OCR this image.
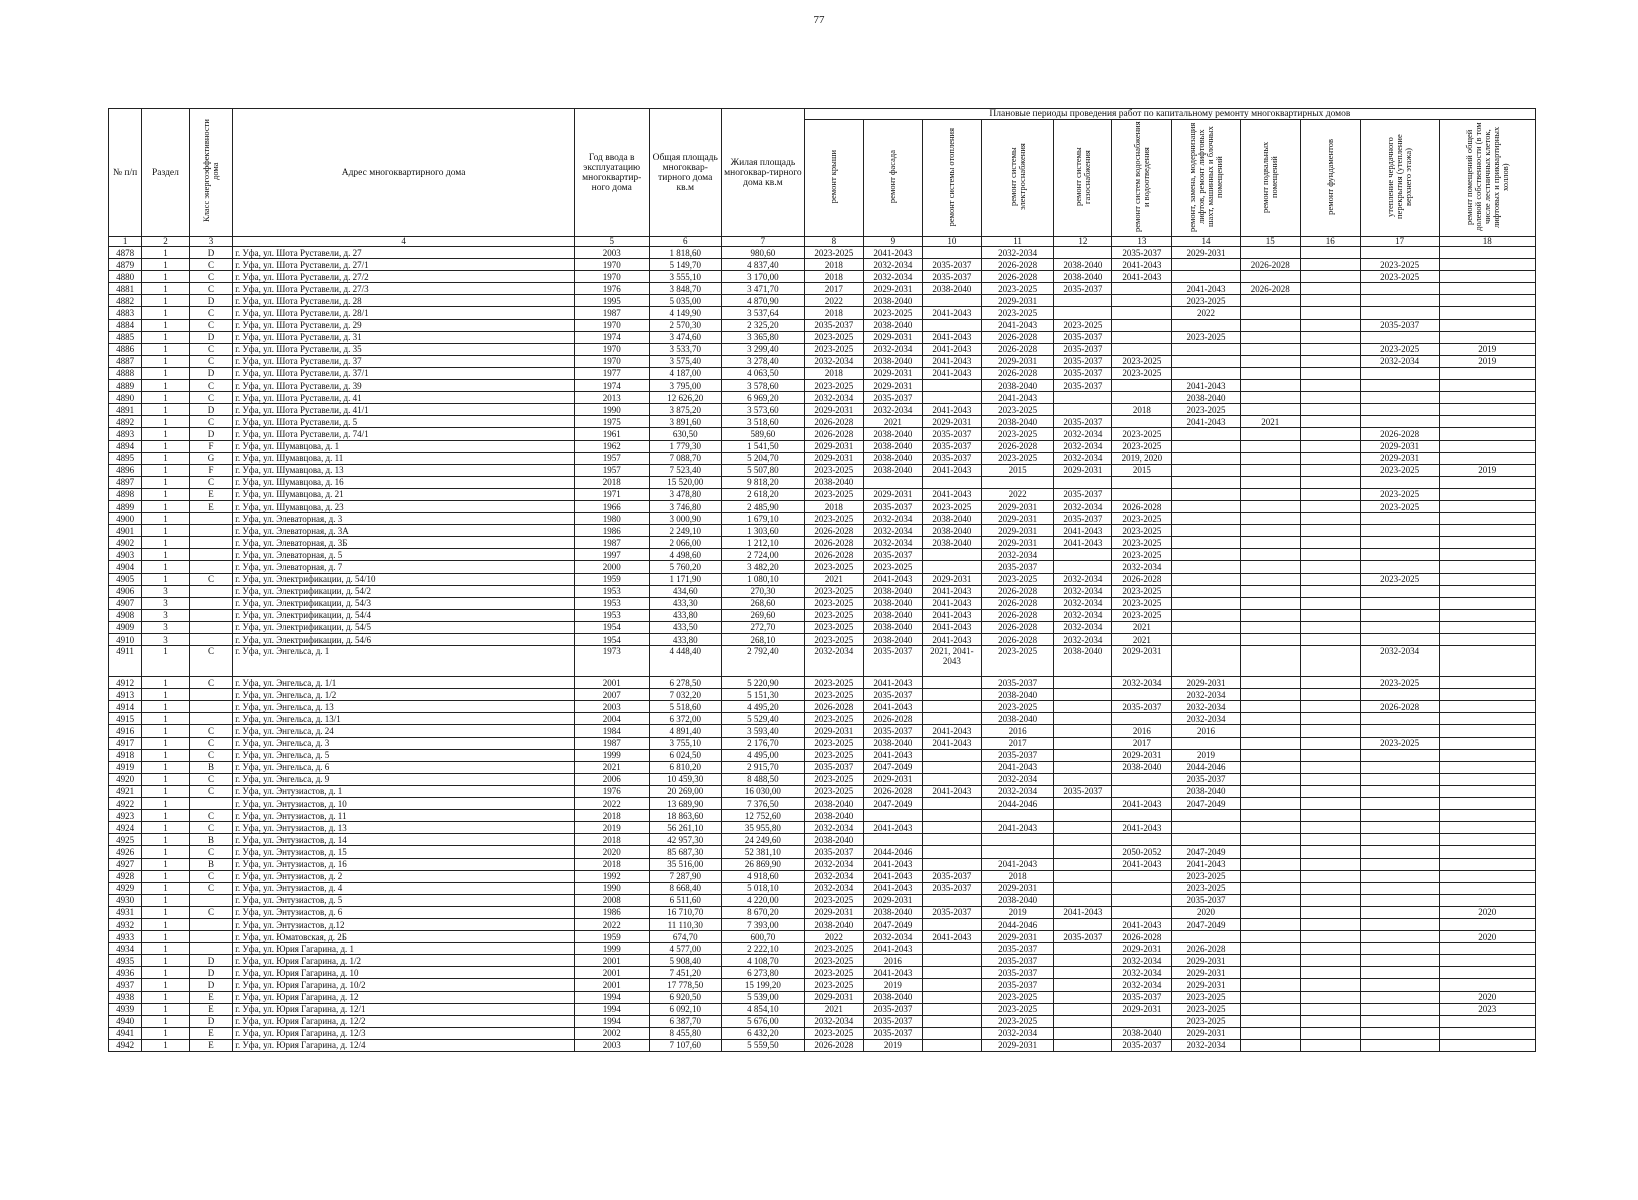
77
№ п/п	Раздел	Класс энергоэффективности дома	Адрес многоквартирного дома	Год ввода в эксплуатацию многоквартир-ного дома	Общая площадь многоквар-тирного дома кв.м	Жилая площадь многоквар-тирного дома кв.м	Плановые периоды проведения работ по капитальному ремонту многоквартирных домов										
							ремонт крыши	ремонт фасада	ремонт системы отопления	ремонт системы электроснабжения	ремонт системы газоснабжения	ремонт систем водоснабжения и водоотведения	ремонт, замена, модернизация лифтов, ремонт лифтовых шахт, машинных и блочных помещений	ремонт подвальных помещений	ремонт фундаментов	утепление чердачного перекрытия (утепление верхнего этажа)	ремонт помещений общей долевой собственности (в том числе лестничных клеток, лифтовых и приквартирных холлов)
1	2	3	4	5	6	7	8	9	10	11	12	13	14	15	16	17	18
4878	1	D	г. Уфа, ул. Шота Руставели, д. 27	2003	1 818,60	980,60	2023-2025	2041-2043		2032-2034		2035-2037	2029-2031				
4879	1	C	г. Уфа, ул. Шота Руставели, д. 27/1	1970	5 149,70	4 837,40	2018	2032-2034	2035-2037	2026-2028	2038-2040	2041-2043		2026-2028		2023-2025	
4880	1	C	г. Уфа, ул. Шота Руставели, д. 27/2	1970	3 555,10	3 170,00	2018	2032-2034	2035-2037	2026-2028	2038-2040	2041-2043				2023-2025	
4881	1	C	г. Уфа, ул. Шота Руставели, д. 27/3	1976	3 848,70	3 471,70	2017	2029-2031	2038-2040	2023-2025	2035-2037		2041-2043	2026-2028			
4882	1	D	г. Уфа, ул. Шота Руставели, д. 28	1995	5 035,00	4 870,90	2022	2038-2040		2029-2031			2023-2025				
4883	1	C	г. Уфа, ул. Шота Руставели, д. 28/1	1987	4 149,90	3 537,64	2018	2023-2025	2041-2043	2023-2025			2022				
4884	1	C	г. Уфа, ул. Шота Руставели, д. 29	1970	2 570,30	2 325,20	2035-2037	2038-2040		2041-2043	2023-2025					2035-2037	
4885	1	D	г. Уфа, ул. Шота Руставели, д. 31	1974	3 474,60	3 365,80	2023-2025	2029-2031	2041-2043	2026-2028	2035-2037		2023-2025				
4886	1	C	г. Уфа, ул. Шота Руставели, д. 35	1970	3 533,70	3 299,40	2023-2025	2032-2034	2041-2043	2026-2028	2035-2037					2023-2025	2019
4887	1	C	г. Уфа, ул. Шота Руставели, д. 37	1970	3 575,40	3 278,40	2032-2034	2038-2040	2041-2043	2029-2031	2035-2037	2023-2025				2032-2034	2019
4888	1	D	г. Уфа, ул. Шота Руставели, д. 37/1	1977	4 187,00	4 063,50	2018	2029-2031	2041-2043	2026-2028	2035-2037	2023-2025					
4889	1	C	г. Уфа, ул. Шота Руставели, д. 39	1974	3 795,00	3 578,60	2023-2025	2029-2031		2038-2040	2035-2037		2041-2043				
4890	1	C	г. Уфа, ул. Шота Руставели, д. 41	2013	12 626,20	6 969,20	2032-2034	2035-2037		2041-2043			2038-2040				
4891	1	D	г. Уфа, ул. Шота Руставели, д. 41/1	1990	3 875,20	3 573,60	2029-2031	2032-2034	2041-2043	2023-2025		2018	2023-2025				
4892	1	C	г. Уфа, ул. Шота Руставели, д. 5	1975	3 891,60	3 518,60	2026-2028	2021	2029-2031	2038-2040	2035-2037		2041-2043	2021			
4893	1	D	г. Уфа, ул. Шота Руставели, д. 74/1	1961	630,50	589,60	2026-2028	2038-2040	2035-2037	2023-2025	2032-2034	2023-2025				2026-2028	
4894	1	F	г. Уфа, ул. Шумавцова, д. 1	1962	1 779,30	1 541,50	2029-2031	2038-2040	2035-2037	2026-2028	2032-2034	2023-2025				2029-2031	
4895	1	G	г. Уфа, ул. Шумавцова, д. 11	1957	7 088,70	5 204,70	2029-2031	2038-2040	2035-2037	2023-2025	2032-2034	2019, 2020				2029-2031	
4896	1	F	г. Уфа, ул. Шумавцова, д. 13	1957	7 523,40	5 507,80	2023-2025	2038-2040	2041-2043	2015	2029-2031	2015				2023-2025	2019
4897	1	C	г. Уфа, ул. Шумавцова, д. 16	2018	15 520,00	9 818,20	2038-2040										
4898	1	E	г. Уфа, ул. Шумавцова, д. 21	1971	3 478,80	2 618,20	2023-2025	2029-2031	2041-2043	2022	2035-2037					2023-2025	
4899	1	E	г. Уфа, ул. Шумавцова, д. 23	1966	3 746,80	2 485,90	2018	2035-2037	2023-2025	2029-2031	2032-2034	2026-2028				2023-2025	
4900	1		г. Уфа, ул. Элеваторная, д. 3	1980	3 000,90	1 679,10	2023-2025	2032-2034	2038-2040	2029-2031	2035-2037	2023-2025					
4901	1		г. Уфа, ул. Элеваторная, д. 3А	1986	2 249,10	1 303,60	2026-2028	2032-2034	2038-2040	2029-2031	2041-2043	2023-2025					
4902	1		г. Уфа, ул. Элеваторная, д. 3Б	1987	2 066,00	1 212,10	2026-2028	2032-2034	2038-2040	2029-2031	2041-2043	2023-2025					
4903	1		г. Уфа, ул. Элеваторная, д. 5	1997	4 498,60	2 724,00	2026-2028	2035-2037		2032-2034		2023-2025					
4904	1		г. Уфа, ул. Элеваторная, д. 7	2000	5 760,20	3 482,20	2023-2025	2023-2025		2035-2037		2032-2034					
4905	1	C	г. Уфа, ул. Электрификации, д. 54/10	1959	1 171,90	1 080,10	2021	2041-2043	2029-2031	2023-2025	2032-2034	2026-2028				2023-2025	
4906	3		г. Уфа, ул. Электрификации, д. 54/2	1953	434,60	270,30	2023-2025	2038-2040	2041-2043	2026-2028	2032-2034	2023-2025					
4907	3		г. Уфа, ул. Электрификации, д. 54/3	1953	433,30	268,60	2023-2025	2038-2040	2041-2043	2026-2028	2032-2034	2023-2025					
4908	3		г. Уфа, ул. Электрификации, д. 54/4	1953	433,80	269,60	2023-2025	2038-2040	2041-2043	2026-2028	2032-2034	2023-2025					
4909	3		г. Уфа, ул. Электрификации, д. 54/5	1954	433,50	272,70	2023-2025	2038-2040	2041-2043	2026-2028	2032-2034	2021					
4910	3		г. Уфа, ул. Электрификации, д. 54/6	1954	433,80	268,10	2023-2025	2038-2040	2041-2043	2026-2028	2032-2034	2021					
4911	1	C	г. Уфа, ул. Энгельса, д. 1	1973	4 448,40	2 792,40	2032-2034	2035-2037	2021, 2041-2043	2023-2025	2038-2040	2029-2031				2032-2034	
4912	1	C	г. Уфа, ул. Энгельса, д. 1/1	2001	6 278,50	5 220,90	2023-2025	2041-2043		2035-2037		2032-2034	2029-2031			2023-2025	
4913	1		г. Уфа, ул. Энгельса, д. 1/2	2007	7 032,20	5 151,30	2023-2025	2035-2037		2038-2040			2032-2034				
4914	1		г. Уфа, ул. Энгельса, д. 13	2003	5 518,60	4 495,20	2026-2028	2041-2043		2023-2025		2035-2037	2032-2034			2026-2028	
4915	1		г. Уфа, ул. Энгельса, д. 13/1	2004	6 372,00	5 529,40	2023-2025	2026-2028		2038-2040			2032-2034				
4916	1	C	г. Уфа, ул. Энгельса, д. 24	1984	4 891,40	3 593,40	2029-2031	2035-2037	2041-2043	2016		2016	2016				
4917	1	C	г. Уфа, ул. Энгельса, д. 3	1987	3 755,10	2 176,70	2023-2025	2038-2040	2041-2043	2017		2017				2023-2025	
4918	1	C	г. Уфа, ул. Энгельса, д. 5	1999	6 024,50	4 495,00	2023-2025	2041-2043		2035-2037		2029-2031	2019				
4919	1	B	г. Уфа, ул. Энгельса, д. 6	2021	6 810,20	2 915,70	2035-2037	2047-2049		2041-2043		2038-2040	2044-2046				
4920	1	C	г. Уфа, ул. Энгельса, д. 9	2006	10 459,30	8 488,50	2023-2025	2029-2031		2032-2034			2035-2037				
4921	1	C	г. Уфа, ул. Энтузиастов, д. 1	1976	20 269,00	16 030,00	2023-2025	2026-2028	2041-2043	2032-2034	2035-2037		2038-2040				
4922	1		г. Уфа, ул. Энтузиастов, д. 10	2022	13 689,90	7 376,50	2038-2040	2047-2049		2044-2046		2041-2043	2047-2049				
4923	1	C	г. Уфа, ул. Энтузиастов, д. 11	2018	18 863,60	12 752,60	2038-2040										
4924	1	C	г. Уфа, ул. Энтузиастов, д. 13	2019	56 261,10	35 955,80	2032-2034	2041-2043		2041-2043		2041-2043					
4925	1	B	г. Уфа, ул. Энтузиастов, д. 14	2018	42 957,30	24 249,60	2038-2040										
4926	1	C	г. Уфа, ул. Энтузиастов, д. 15	2020	85 687,30	52 381,10	2035-2037	2044-2046				2050-2052	2047-2049				
4927	1	B	г. Уфа, ул. Энтузиастов, д. 16	2018	35 516,00	26 869,90	2032-2034	2041-2043		2041-2043		2041-2043	2041-2043				
4928	1	C	г. Уфа, ул. Энтузиастов, д. 2	1992	7 287,90	4 918,60	2032-2034	2041-2043	2035-2037	2018			2023-2025				
4929	1	C	г. Уфа, ул. Энтузиастов, д. 4	1990	8 668,40	5 018,10	2032-2034	2041-2043	2035-2037	2029-2031			2023-2025				
4930	1		г. Уфа, ул. Энтузиастов, д. 5	2008	6 511,60	4 220,00	2023-2025	2029-2031		2038-2040			2035-2037				
4931	1	C	г. Уфа, ул. Энтузиастов, д. 6	1986	16 710,70	8 670,20	2029-2031	2038-2040	2035-2037	2019	2041-2043		2020				2020
4932	1		г. Уфа, ул. Энтузиастов, д.12	2022	11 110,30	7 393,00	2038-2040	2047-2049		2044-2046		2041-2043	2047-2049				
4933	1		г. Уфа, ул. Юматовская, д. 2Б	1959	674,70	600,70	2022	2032-2034	2041-2043	2029-2031	2035-2037	2026-2028					2020
4934	1		г. Уфа, ул. Юрия Гагарина, д. 1	1999	4 577,00	2 222,10	2023-2025	2041-2043		2035-2037		2029-2031	2026-2028				
4935	1	D	г. Уфа, ул. Юрия Гагарина, д. 1/2	2001	5 908,40	4 108,70	2023-2025	2016		2035-2037		2032-2034	2029-2031				
4936	1	D	г. Уфа, ул. Юрия Гагарина, д. 10	2001	7 451,20	6 273,80	2023-2025	2041-2043		2035-2037		2032-2034	2029-2031				
4937	1	D	г. Уфа, ул. Юрия Гагарина, д. 10/2	2001	17 778,50	15 199,20	2023-2025	2019		2035-2037		2032-2034	2029-2031				
4938	1	E	г. Уфа, ул. Юрия Гагарина, д. 12	1994	6 920,50	5 539,00	2029-2031	2038-2040		2023-2025		2035-2037	2023-2025				2020
4939	1	E	г. Уфа, ул. Юрия Гагарина, д. 12/1	1994	6 092,10	4 854,10	2021	2035-2037		2023-2025		2029-2031	2023-2025				2023
4940	1	D	г. Уфа, ул. Юрия Гагарина, д. 12/2	1994	6 387,70	5 676,00	2032-2034	2035-2037		2023-2025			2023-2025				
4941	1	E	г. Уфа, ул. Юрия Гагарина, д. 12/3	2002	8 455,80	6 432,20	2023-2025	2035-2037		2032-2034		2038-2040	2029-2031				
4942	1	E	г. Уфа, ул. Юрия Гагарина, д. 12/4	2003	7 107,60	5 559,50	2026-2028	2019		2029-2031		2035-2037	2032-2034				
